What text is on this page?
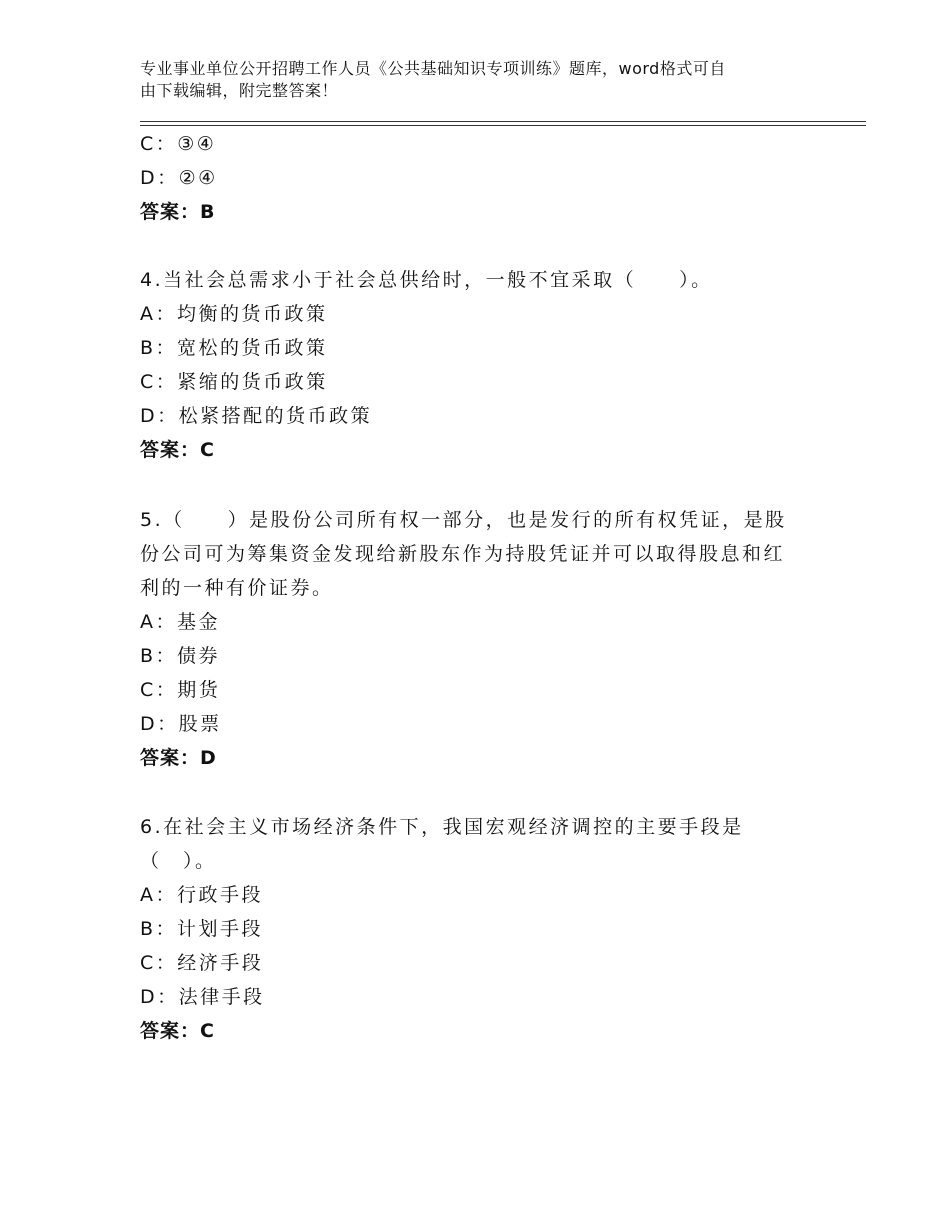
专业事业单位公开招聘工作人员《公共基础知识专项训练》题库，word格式可自
由下载编辑，附完整答案！
C：③④
D：②④
答案：B
4.当社会总需求小于社会总供给时，一般不宜采取（　　）。
A：均衡的货币政策
B：宽松的货币政策
C：紧缩的货币政策
D：松紧搭配的货币政策
答案：C
5.（　　）是股份公司所有权一部分，也是发行的所有权凭证，是股
份公司可为筹集资金发现给新股东作为持股凭证并可以取得股息和红
利的一种有价证券。
A：基金
B：债券
C：期货
D：股票
答案：D
6.在社会主义市场经济条件下，我国宏观经济调控的主要手段是
（　）。
A：行政手段
B：计划手段
C：经济手段
D：法律手段
答案：C
